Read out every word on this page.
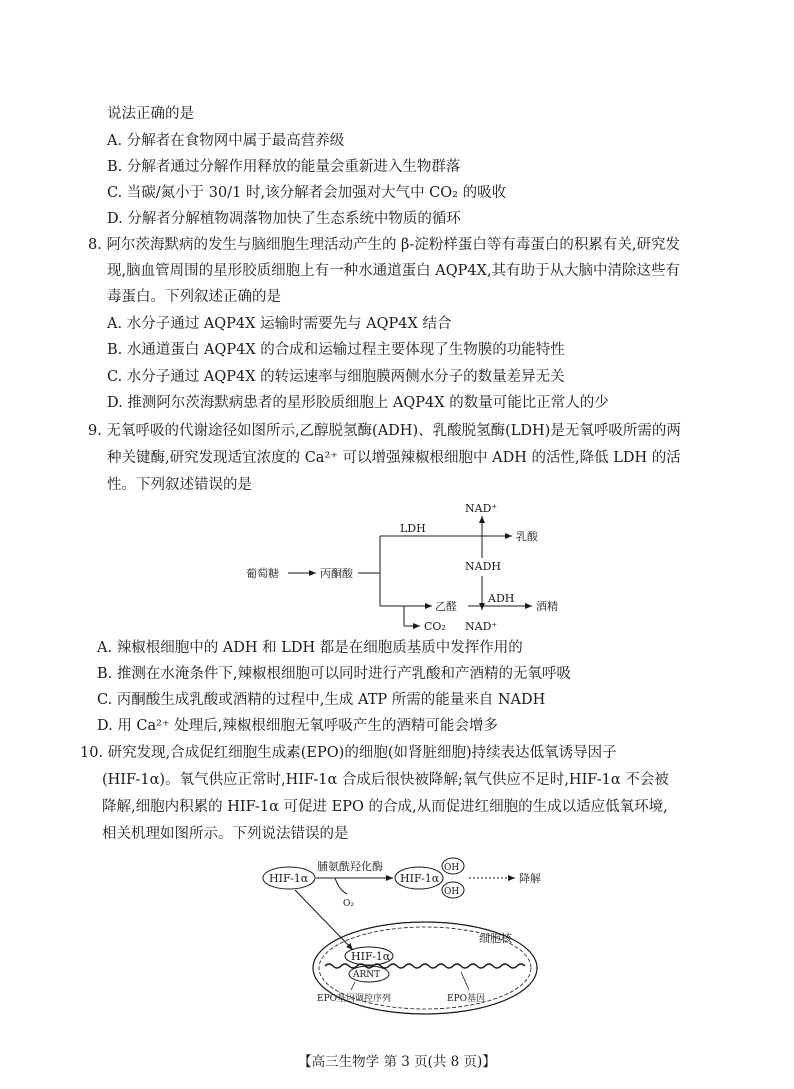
说法正确的是
A. 分解者在食物网中属于最高营养级
B. 分解者通过分解作用释放的能量会重新进入生物群落
C. 当碳/氮小于 30/1 时,该分解者会加强对大气中 CO₂ 的吸收
D. 分解者分解植物凋落物加快了生态系统中物质的循环
8. 阿尔茨海默病的发生与脑细胞生理活动产生的 β-淀粉样蛋白等有毒蛋白的积累有关,研究发
现,脑血管周围的星形胶质细胞上有一种水通道蛋白 AQP4X,其有助于从大脑中清除这些有
毒蛋白。下列叙述正确的是
A. 水分子通过 AQP4X 运输时需要先与 AQP4X 结合
B. 水通道蛋白 AQP4X 的合成和运输过程主要体现了生物膜的功能特性
C. 水分子通过 AQP4X 的转运速率与细胞膜两侧水分子的数量差异无关
D. 推测阿尔茨海默病患者的星形胶质细胞上 AQP4X 的数量可能比正常人的少
9. 无氧呼吸的代谢途径如图所示,乙醇脱氢酶(ADH)、乳酸脱氢酶(LDH)是无氧呼吸所需的两
种关键酶,研究发现适宜浓度的 Ca²⁺ 可以增强辣椒根细胞中 ADH 的活性,降低 LDH 的活
性。下列叙述错误的是
葡萄糖	丙酮酸
LDH
乳酸
NAD⁺
NADH
乙醛
ADH
酒精
CO₂ NAD⁺
A. 辣椒根细胞中的 ADH 和 LDH 都是在细胞质基质中发挥作用的
B. 推测在水淹条件下,辣椒根细胞可以同时进行产乳酸和产酒精的无氧呼吸
C. 丙酮酸生成乳酸或酒精的过程中,生成 ATP 所需的能量来自 NADH
D. 用 Ca²⁺ 处理后,辣椒根细胞无氧呼吸产生的酒精可能会增多
10. 研究发现,合成促红细胞生成素(EPO)的细胞(如肾脏细胞)持续表达低氧诱导因子
(HIF-1α)。氧气供应正常时,HIF-1α 合成后很快被降解;氧气供应不足时,HIF-1α 不会被
降解,细胞内积累的 HIF-1α 可促进 EPO 的合成,从而促进红细胞的生成以适应低氧环境,
相关机理如图所示。下列说法错误的是
HIF-1α
脯氨酰羟化酶
O₂
HIF-1α
OH
OH
降解
细胞核
HIF-1α
ARNT
EPO基因调控序列	EPO基因
【高三生物学 第 3 页(共 8 页)】
